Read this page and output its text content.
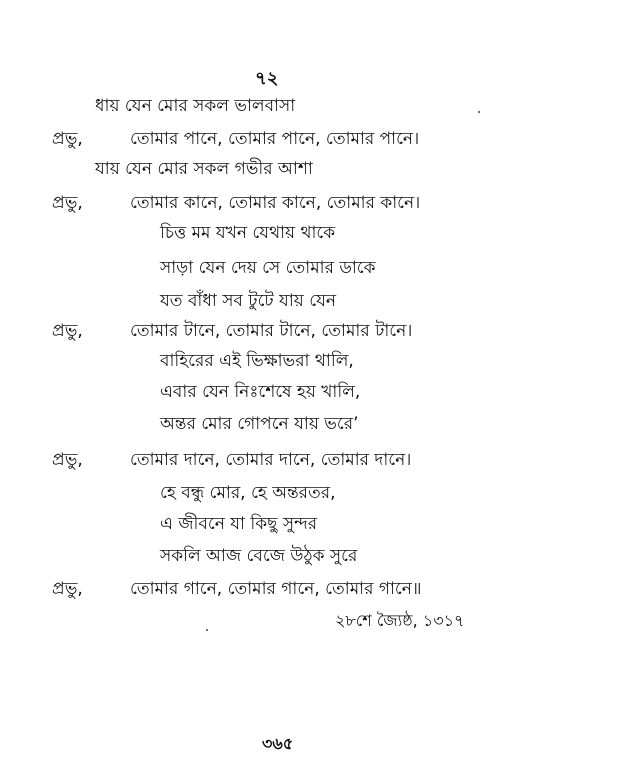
৭২
ধায় যেন মোর সকল ভালবাসা
প্রভু,	তোমার পানে, তোমার পানে, তোমার পানে।
যায় যেন মোর সকল গভীর আশা
প্রভু,	তোমার কানে, তোমার কানে, তোমার কানে।
চিত্ত মম যখন যেথায় থাকে
সাড়া যেন দেয় সে তোমার ডাকে
যত বাঁধা সব টুটে যায় যেন
প্রভু,	তোমার টানে, তোমার টানে, তোমার টানে।
বাহিরের এই ভিক্ষাভরা থালি,
এবার যেন নিঃশেষে হয় খালি,
অন্তর মোর গোপনে যায় ভরে’
প্রভু,	তোমার দানে, তোমার দানে, তোমার দানে।
হে বন্ধু মোর, হে অন্তরতর,
এ জীবনে যা কিছু সুন্দর
সকলি আজ বেজে উঠুক সুরে
প্রভু,	তোমার গানে, তোমার গানে, তোমার গানে॥
২৮শে জ্যৈষ্ঠ, ১৩১৭
৩৬৫
